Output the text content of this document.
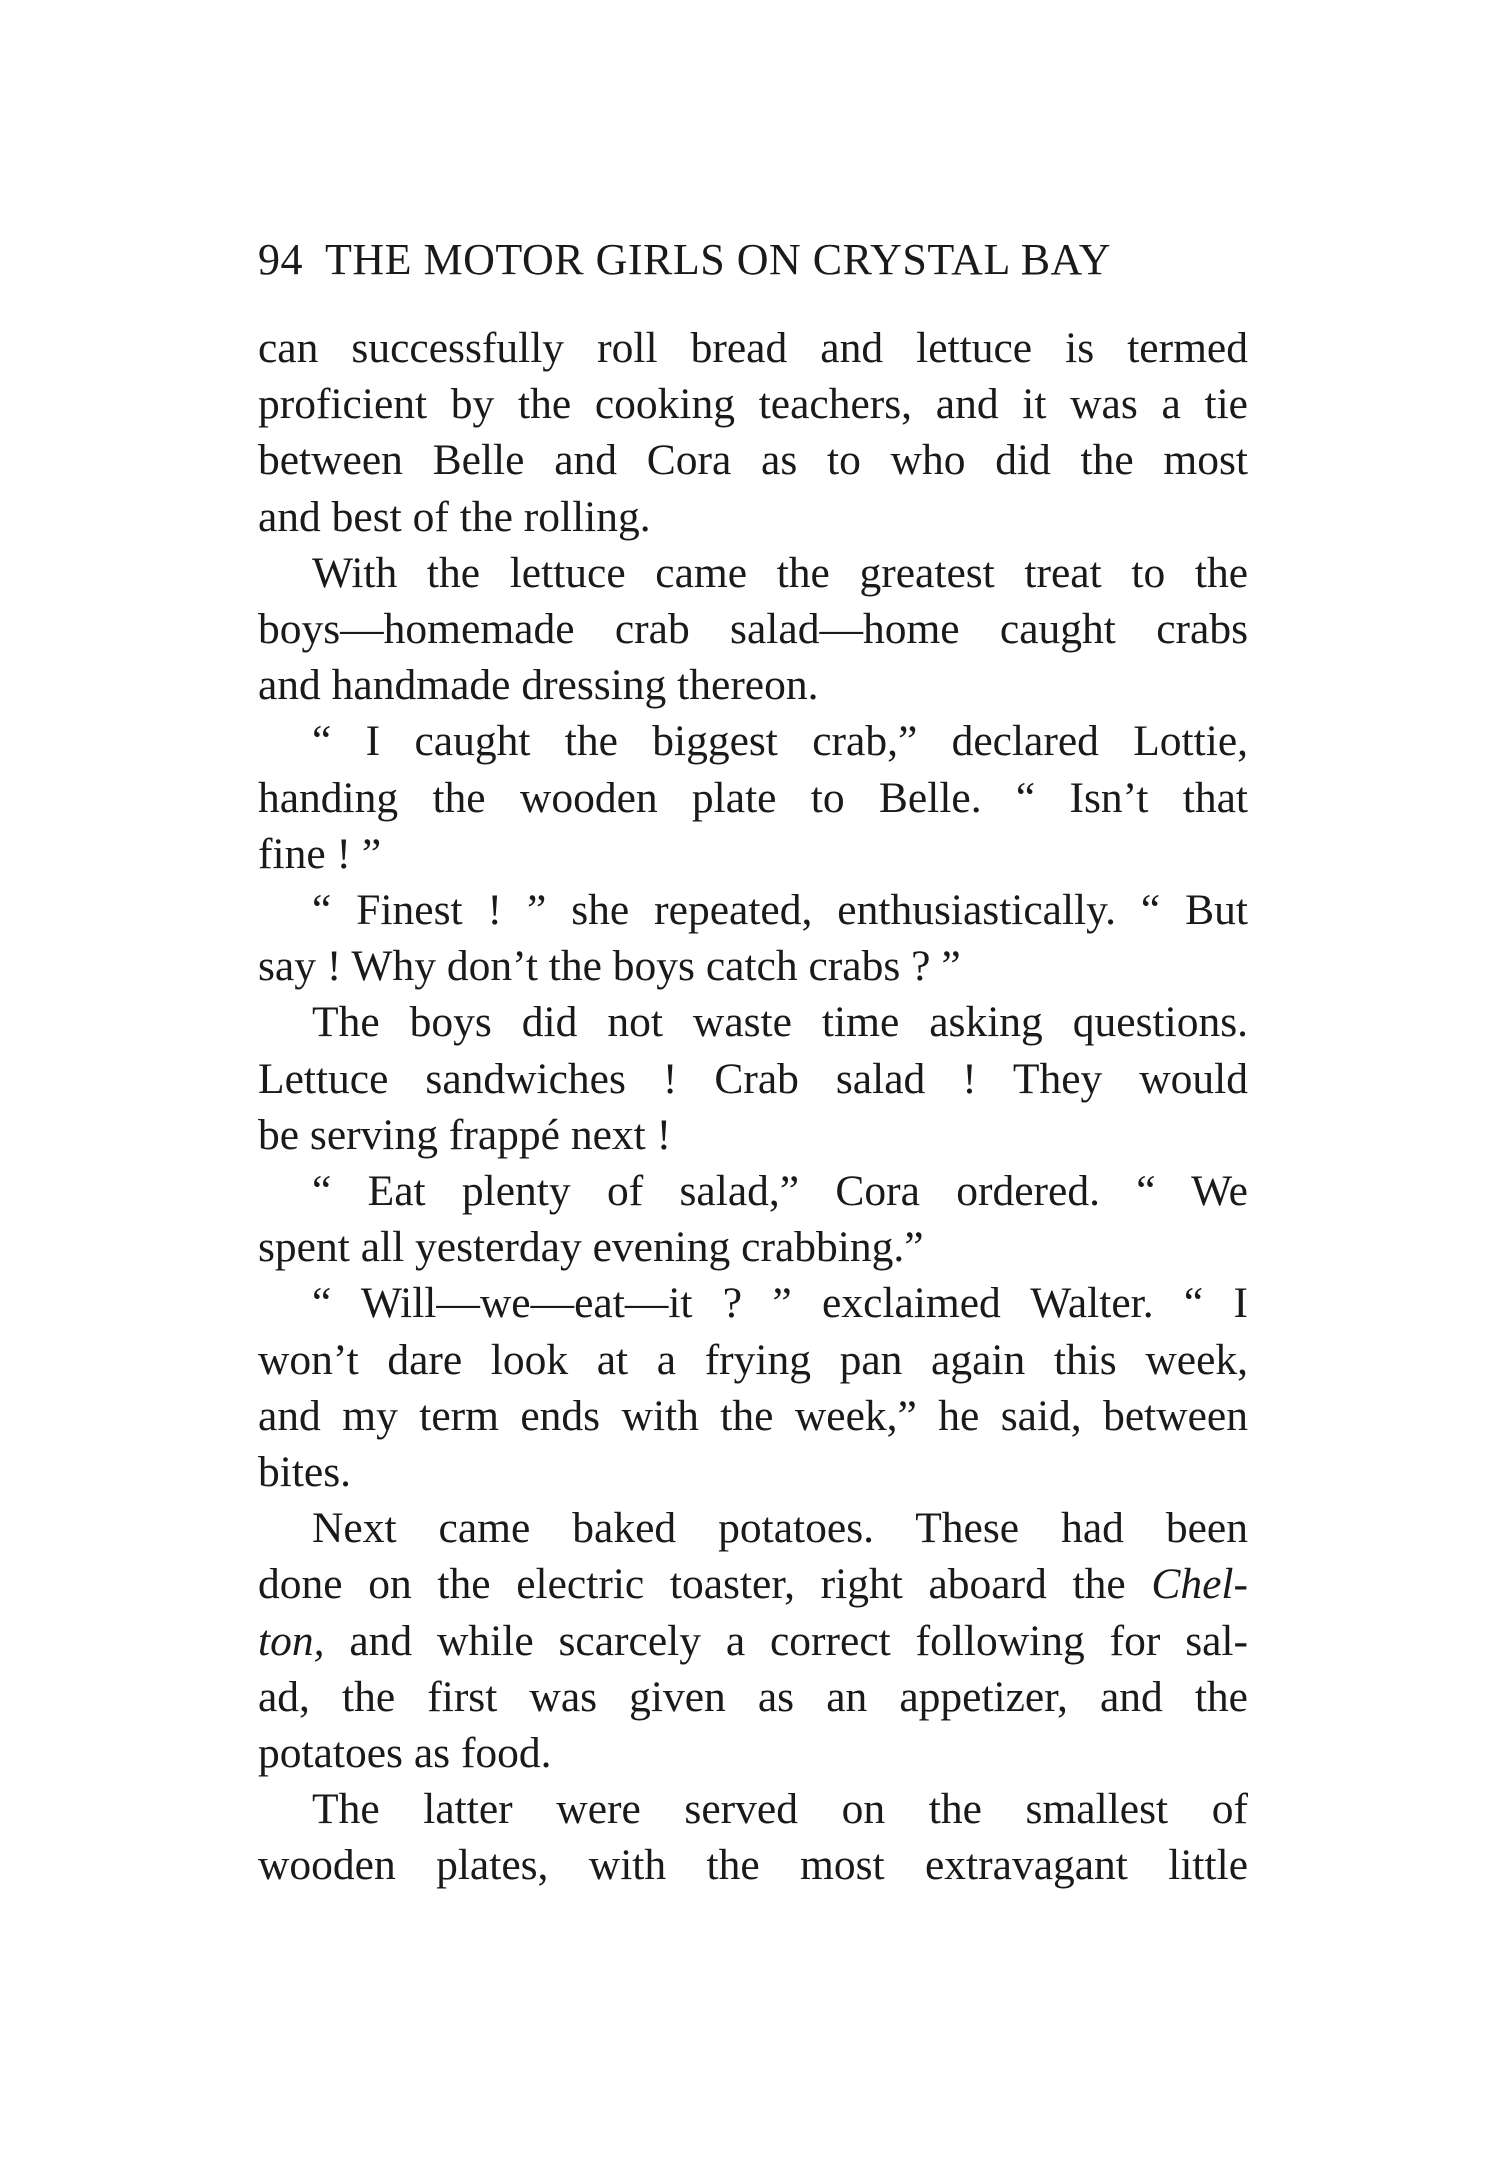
94 THE MOTOR GIRLS ON CRYSTAL BAY

can successfully roll bread and lettuce is termed
proficient by the cooking teachers, and it was a tie
between Belle and Cora as to who did the most
and best of the rolling.

With the lettuce came the greatest treat to the
boys—homemade crab salad—home caught crabs
and handmade dressing thereon.

“ I caught the biggest crab,” declared Lottie,
handing the wooden plate to Belle. “ Isn’t that
fine ! ”

“ Finest ! ” she repeated, enthusiastically. “ But
say ! Why don’t the boys catch crabs ? ”

The boys did not waste time asking questions.
Lettuce sandwiches ! Crab salad ! They would
be serving frappé next !

“ Eat plenty of salad,” Cora ordered. “ We
spent all yesterday evening crabbing.”

“ Will—we—eat—it ? ” exclaimed Walter. “ I
won’t dare look at a frying pan again this week,
and my term ends with the week,” he said, between
bites.

Next came baked potatoes. These had been
done on the electric toaster, right aboard the Chel-
ton, and while scarcely a correct following for sal-
ad, the first was given as an appetizer, and the
potatoes as food.

The latter were served on the smallest of
wooden plates, with the most extravagant little
